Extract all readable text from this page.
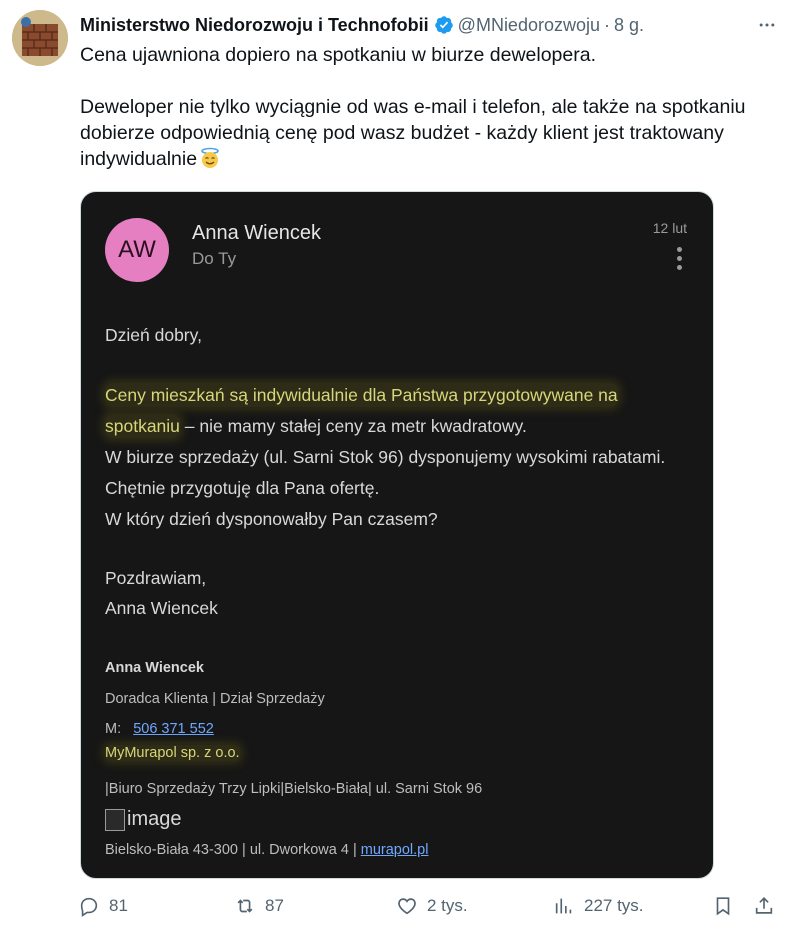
Ministerstwo Niedorozwoju i Technofobii @MNiedorozwoju · 8 g.

Cena ujawniona dopiero na spotkaniu w biurze dewelopera.

Deweloper nie tylko wyciągnie od was e-mail i telefon, ale także na spotkaniu dobierze odpowiednią cenę pod wasz budżet - każdy klient jest traktowany indywidualnie

AW
Anna Wiencek
Do Ty
12 lut
Dzień dobry,
Ceny mieszkań są indywidualnie dla Państwa przygotowywane na
spotkaniu – nie mamy stałej ceny za metr kwadratowy.
W biurze sprzedaży (ul. Sarni Stok 96) dysponujemy wysokimi rabatami.
Chętnie przygotuję dla Pana ofertę.
W który dzień dysponowałby Pan czasem?
Pozdrawiam,
Anna Wiencek
Anna Wiencek
Doradca Klienta | Dział Sprzedaży
M: 506 371 552
MyMurapol sp. z o.o.
|Biuro Sprzedaży Trzy Lipki|Bielsko-Biała| ul. Sarni Stok 96
image
Bielsko-Biała 43-300 | ul. Dworkowa 4 | murapol.pl
81	87	2 tys.	227 tys.
